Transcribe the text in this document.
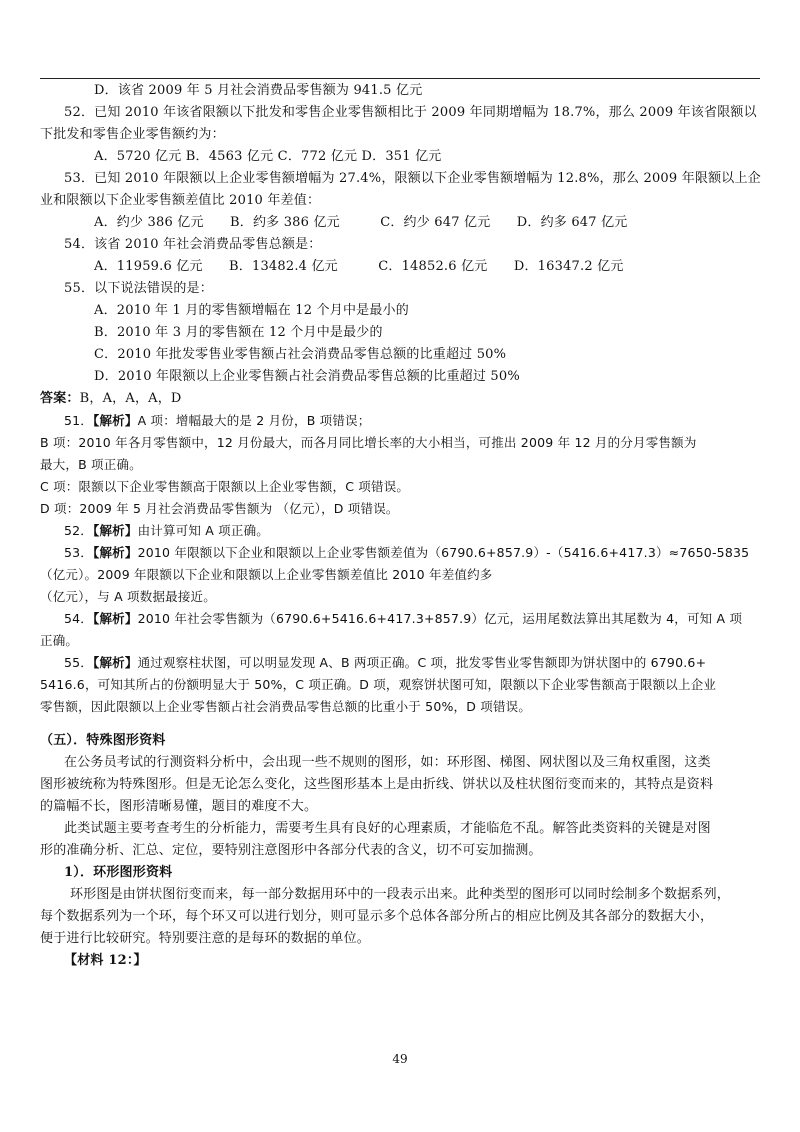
D．该省 2009 年 5 月社会消费品零售额为 941.5 亿元
52．已知 2010 年该省限额以下批发和零售企业零售额相比于 2009 年同期增幅为 18.7%，那么 2009 年该省限额以
下批发和零售企业零售额约为：
A．5720 亿元 B．4563 亿元 C．772 亿元 D．351 亿元
53．已知 2010 年限额以上企业零售额增幅为 27.4%，限额以下企业零售额增幅为 12.8%，那么 2009 年限额以上企
业和限额以下企业零售额差值比 2010 年差值：
A．约少 386 亿元 B．约多 386 亿元	C．约少 647 亿元 D．约多 647 亿元
54．该省 2010 年社会消费品零售总额是：
A．11959.6 亿元 B．13482.4 亿元	C．14852.6 亿元 D．16347.2 亿元
55．以下说法错误的是：
A．2010 年 1 月的零售额增幅在 12 个月中是最小的
B．2010 年 3 月的零售额在 12 个月中是最少的
C．2010 年批发零售业零售额占社会消费品零售总额的比重超过 50%
D．2010 年限额以上企业零售额占社会消费品零售总额的比重超过 50%
答案：B，A，A，A，D
51．【解析】A 项：增幅最大的是 2 月份，B 项错误；
B 项：2010 年各月零售额中，12 月份最大，而各月同比增长率的大小相当，可推出 2009 年 12 月的分月零售额为
最大，B 项正确。
C 项：限额以下企业零售额高于限额以上企业零售额，C 项错误。
D 项：2009 年 5 月社会消费品零售额为 （亿元），D 项错误。
52．【解析】由计算可知 A 项正确。
53．【解析】2010 年限额以下企业和限额以上企业零售额差值为（6790.6+857.9）-（5416.6+417.3）≈7650-5835
（亿元）。2009 年限额以下企业和限额以上企业零售额差值比 2010 年差值约多
（亿元），与 A 项数据最接近。
54．【解析】2010 年社会零售额为（6790.6+5416.6+417.3+857.9）亿元，运用尾数法算出其尾数为 4，可知 A 项
正确。
55．【解析】通过观察柱状图，可以明显发现 A、B 两项正确。C 项，批发零售业零售额即为饼状图中的 6790.6+
5416.6，可知其所占的份额明显大于 50%，C 项正确。D 项，观察饼状图可知，限额以下企业零售额高于限额以上企业
零售额，因此限额以上企业零售额占社会消费品零售总额的比重小于 50%，D 项错误。
（五）．特殊图形资料
在公务员考试的行测资料分析中，会出现一些不规则的图形，如：环形图、梯图、网状图以及三角权重图，这类
图形被统称为特殊图形。但是无论怎么变化，这些图形基本上是由折线、饼状以及柱状图衍变而来的，其特点是资料
的篇幅不长，图形清晰易懂，题目的难度不大。
此类试题主要考查考生的分析能力，需要考生具有良好的心理素质，才能临危不乱。解答此类资料的关键是对图
形的准确分析、汇总、定位，要特别注意图形中各部分代表的含义，切不可妄加揣测。
1）．环形图形资料
环形图是由饼状图衍变而来，每一部分数据用环中的一段表示出来。此种类型的图形可以同时绘制多个数据系列，
每个数据系列为一个环，每个环又可以进行划分，则可显示多个总体各部分所占的相应比例及其各部分的数据大小，
便于进行比较研究。特别要注意的是每环的数据的单位。
【材料 12：】
49
